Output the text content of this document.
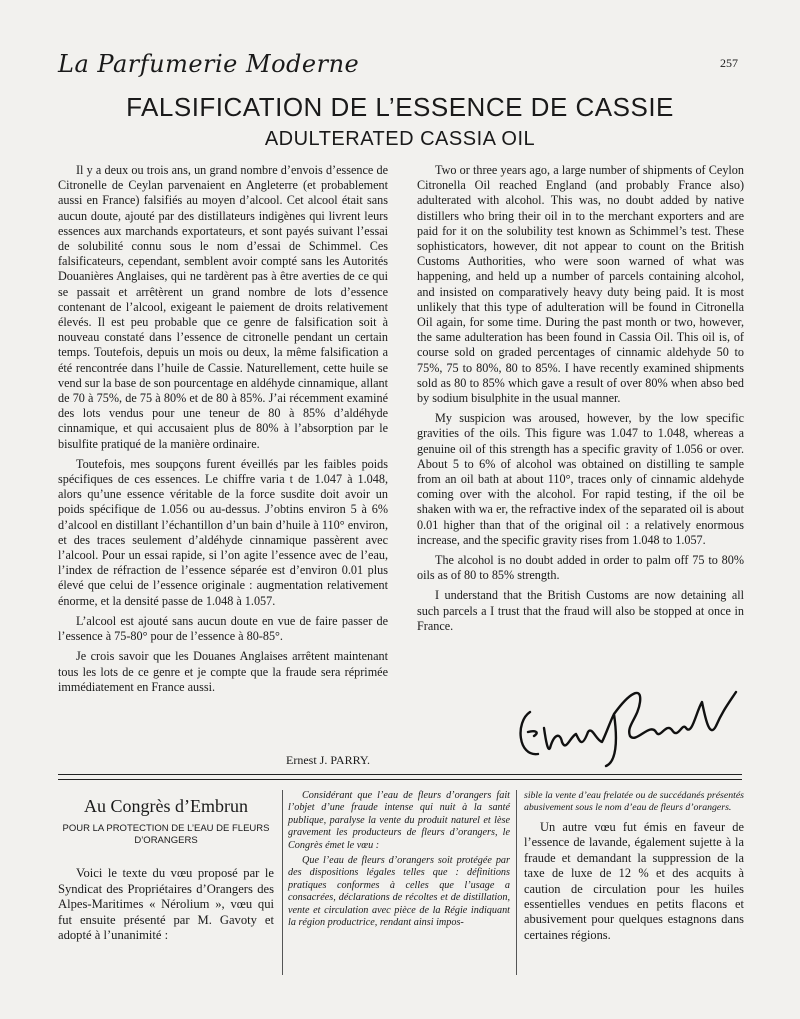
La Parfumerie Moderne	257
FALSIFICATION DE L’ESSENCE DE CASSIE
ADULTERATED CASSIA OIL

Il y a deux ou trois ans, un grand nombre d’envois d’essence de Citronelle de Ceylan parvenaient en Angleterre (et probablement aussi en France) falsifiés au moyen d’alcool. Cet alcool était sans aucun doute, ajouté par des distillateurs indigènes qui livrent leurs essences aux marchands exportateurs, et sont payés suivant l’essai de solubilité connu sous le nom d’essai de Schimmel. Ces falsificateurs, cependant, semblent avoir compté sans les Autorités Douanières Anglaises, qui ne tardèrent pas à être averties de ce qui se passait et arrêtèrent un grand nombre de lots d’essence contenant de l’alcool, exigeant le paiement de droits relativement élevés. Il est peu probable que ce genre de falsification soit à nouveau constaté dans l’essence de citronelle pendant un certain temps. Toutefois, depuis un mois ou deux, la même falsification a été rencontrée dans l’huile de Cassie. Naturellement, cette huile se vend sur la base de son pourcentage en aldéhyde cinnamique, allant de 70 à 75%, de 75 à 80% et de 80 à 85%. J’ai récemment examiné des lots vendus pour une teneur de 80 à 85% d’aldéhyde cinnamique, et qui accusaient plus de 80% à l’absorption par le bisulfite pratiqué de la manière ordinaire.

Toutefois, mes soupçons furent éveillés par les faibles poids spécifiques de ces essences. Le chiffre varia t de 1.047 à 1.048, alors qu’une essence véritable de la force susdite doit avoir un poids spécifique de 1.056 ou au-dessus. J’obtins environ 5 à 6% d’alcool en distillant l’échantillon d’un bain d’huile à 110° environ, et des traces seulement d’aldéhyde cinnamique passèrent avec l’alcool. Pour un essai rapide, si l’on agite l’essence avec de l’eau, l’index de réfraction de l’essence séparée est d’environ 0.01 plus élevé que celui de l’essence originale : augmentation relativement énorme, et la densité passe de 1.048 à 1.057.

L’alcool est ajouté sans aucun doute en vue de faire passer de l’essence à 75-80° pour de l’essence à 80-85°.

Je crois savoir que les Douanes Anglaises arrêtent maintenant tous les lots de ce genre et je compte que la fraude sera réprimée immédiatement en France aussi.

Ernest J. PARRY.

Two or three years ago, a large number of shipments of Ceylon Citronella Oil reached England (and probably France also) adulterated with alcohol. This was, no doubt added by native distillers who bring their oil in to the merchant exporters and are paid for it on the solubility test known as Schimmel’s test. These sophisticators, however, dit not appear to count on the British Customs Authorities, who were soon warned of what was happening, and held up a number of parcels containing alcohol, and insisted on comparatively heavy duty being paid. It is most unlikely that this type of adulteration will be found in Citronella Oil again, for some time. During the past month or two, however, the same adulteration has been found in Cassia Oil. This oil is, of course sold on graded percentages of cinnamic aldehyde 50 to 75%, 75 to 80%, 80 to 85%. I have recently examined shipments sold as 80 to 85% which gave a result of over 80% when abso bed by sodium bisulphite in the usual manner.

My suspicion was aroused, however, by the low specific gravities of the oils. This figure was 1.047 to 1.048, whereas a genuine oil of this strength has a specific gravity of 1.056 or over. About 5 to 6% of alcohol was obtained on distilling te sample from an oil bath at about 110°, traces only of cinnamic aldehyde coming over with the alcohol. For rapid testing, if the oil be shaken with wa er, the refractive index of the separated oil is about 0.01 higher than that of the original oil : a relatively enormous increase, and the specific gravity rises from 1.048 to 1.057.

The alcohol is no doubt added in order to palm off 75 to 80% oils as of 80 to 85% strength.

I understand that the British Customs are now detaining all such parcels a I trust that the fraud will also be stopped at once in France.

Au Congrès d’Embrun
POUR LA PROTECTION DE L’EAU DE FLEURS D’ORANGERS

Voici le texte du vœu proposé par le Syndicat des Propriétaires d’Orangers des Alpes-Maritimes « Nérolium », vœu qui fut ensuite présenté par M. Gavoty et adopté à l’unanimité :

Considérant que l’eau de fleurs d’orangers fait l’objet d’une fraude intense qui nuit à la santé publique, paralyse la vente du produit naturel et lèse gravement les producteurs de fleurs d’orangers, le Congrès émet le vœu :

Que l’eau de fleurs d’orangers soit protégée par des dispositions légales telles que : définitions pratiques conformes à celles que l’usage a consacrées, déclarations de récoltes et de distillation, vente et circulation avec pièce de la Régie indiquant la région productrice, rendant ainsi impos-

sible la vente d’eau frelatée ou de succédanés présentés abusivement sous le nom d’eau de fleurs d’orangers.

Un autre vœu fut émis en faveur de l’essence de lavande, également sujette à la fraude et demandant la suppression de la taxe de luxe de 12 % et des acquits à caution de circulation pour les huiles essentielles vendues en petits flacons et abusivement pour quelques estagnons dans certaines régions.
